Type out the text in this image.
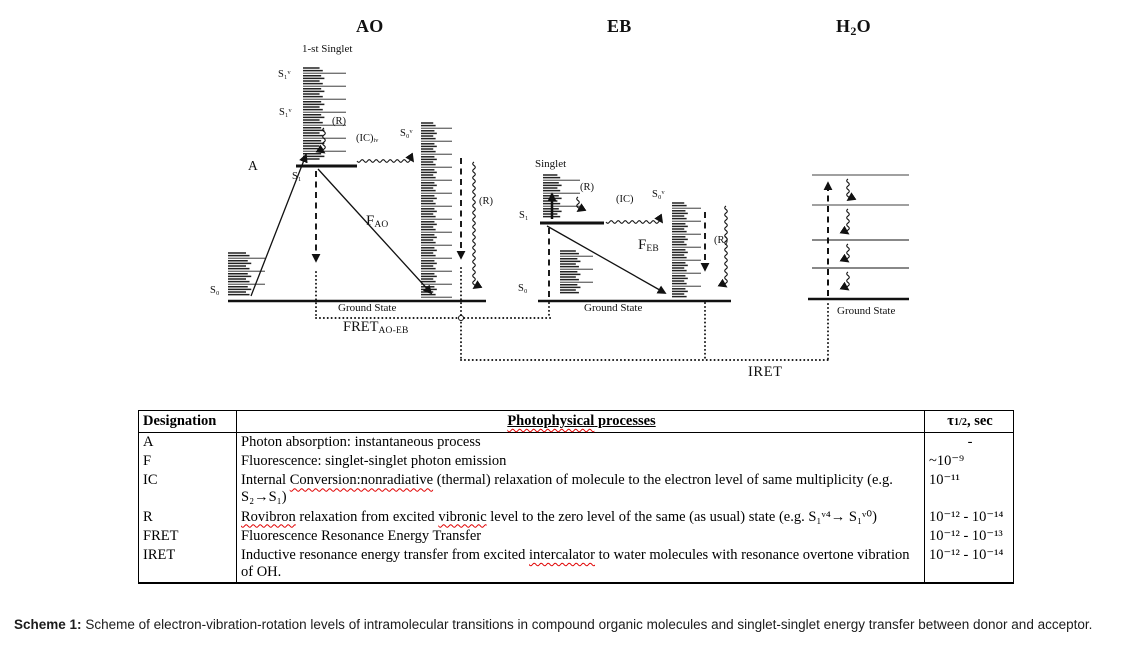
AO	EB	H2O
1-st Singlet
S₁ᵛ
S₁ᵛ
A
S₁
(R)
(IC)ᵢᵥ S₀ᵛ
FAO
(R)
S₀
Ground State
FRETAO-EB
Singlet
S₁
(R)
(IC) S₀ᵛ
FEB
(R)
S₀
Ground State	Ground State
IRET
Designation	Photophysical processes	τ1/2, sec
A	Photon absorption: instantaneous process	-
F	Fluorescence: singlet-singlet photon emission	~10⁻⁹
IC	Internal Conversion:nonradiative (thermal) relaxation of molecule to the electron level of same multiplicity (e.g. S₂→S₁)	10⁻¹¹
R	Rovibron relaxation from excited vibronic level to the zero level of the same (as usual) state (e.g. S₁ᵛ⁴→ S₁ᵛ⁰)	10⁻¹² - 10⁻¹⁴
FRET	Fluorescence Resonance Energy Transfer	10⁻¹² - 10⁻¹³
IRET	Inductive resonance energy transfer from excited intercalator to water molecules with resonance overtone vibration of OH.	10⁻¹² - 10⁻¹⁴
Scheme 1: Scheme of electron-vibration-rotation levels of intramolecular transitions in compound organic molecules and singlet-singlet energy transfer between donor and acceptor.
